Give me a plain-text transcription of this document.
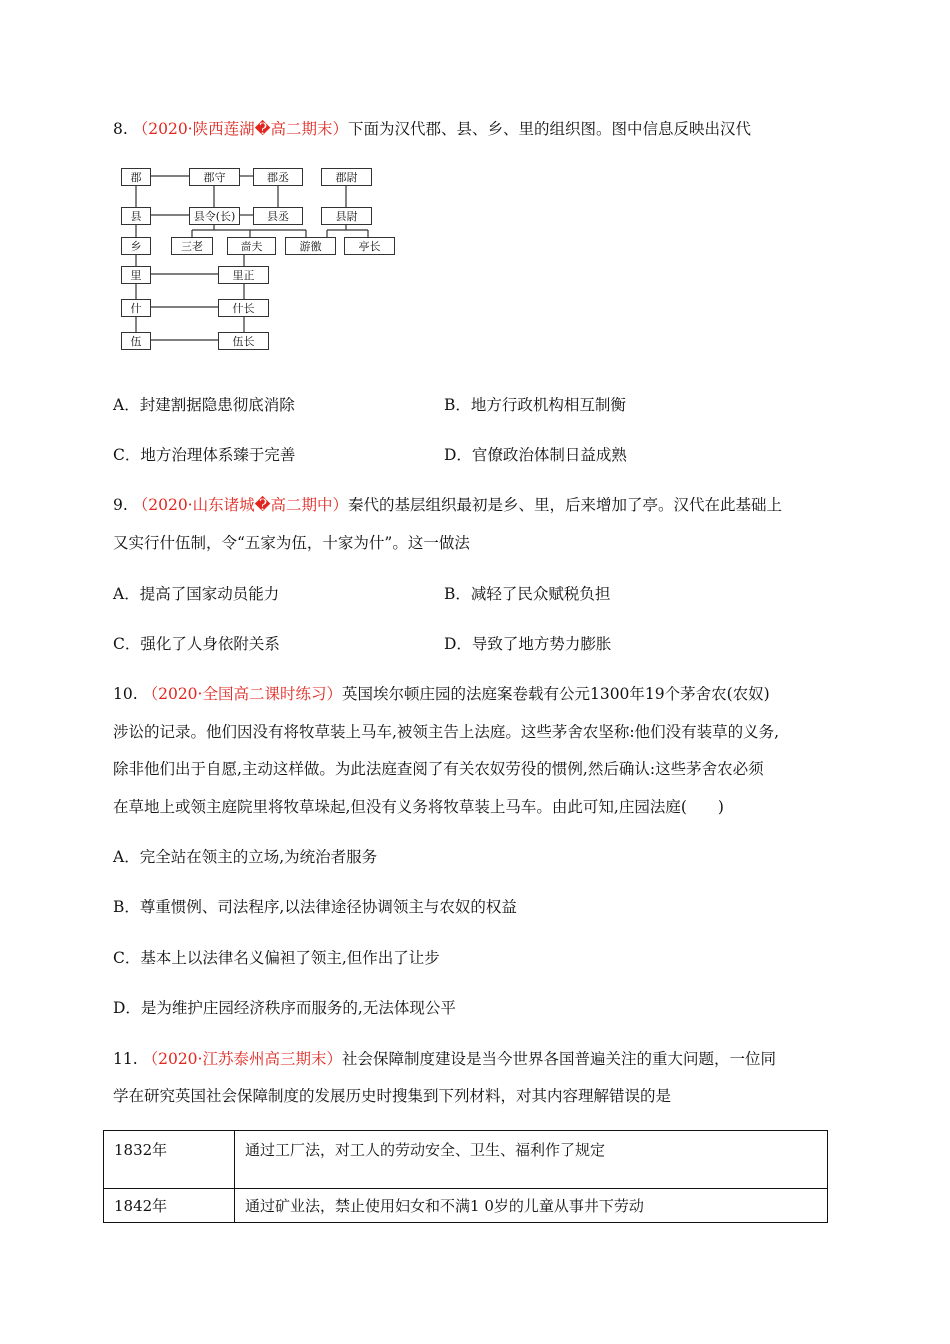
8. （2020·陕西莲湖�高二期末）下面为汉代郡、县、乡、里的组织图。图中信息反映出汉代
郡	郡守	郡丞	郡尉
县	县令(长)	县丞	县尉
乡	三老	啬夫	游徼	亭长
里	里正
什	什长
伍	伍长
A．封建割据隐患彻底消除	B．地方行政机构相互制衡
C．地方治理体系臻于完善	D．官僚政治体制日益成熟
9. （2020·山东诸城�高二期中）秦代的基层组织最初是乡、里，后来增加了亭。汉代在此基础上
又实行什伍制，令“五家为伍，十家为什”。这一做法
A．提高了国家动员能力	B．减轻了民众赋税负担
C．强化了人身依附关系	D．导致了地方势力膨胀
10. （2020·全国高二课时练习）英国埃尔顿庄园的法庭案卷载有公元1300年19个茅舍农(农奴)
涉讼的记录。他们因没有将牧草装上马车,被领主告上法庭。这些茅舍农坚称:他们没有装草的义务,
除非他们出于自愿,主动这样做。为此法庭查阅了有关农奴劳役的惯例,然后确认:这些茅舍农必须
在草地上或领主庭院里将牧草垛起,但没有义务将牧草装上马车。由此可知,庄园法庭(　　)
A．完全站在领主的立场,为统治者服务
B．尊重惯例、司法程序,以法律途径协调领主与农奴的权益
C．基本上以法律名义偏袒了领主,但作出了让步
D．是为维护庄园经济秩序而服务的,无法体现公平
11. （2020·江苏泰州高三期末）社会保障制度建设是当今世界各国普遍关注的重大问题，一位同
学在研究英国社会保障制度的发展历史时搜集到下列材料，对其内容理解错误的是
1832年	通过工厂法，对工人的劳动安全、卫生、福利作了规定
1842年	通过矿业法，禁止使用妇女和不满1 0岁的儿童从事井下劳动
